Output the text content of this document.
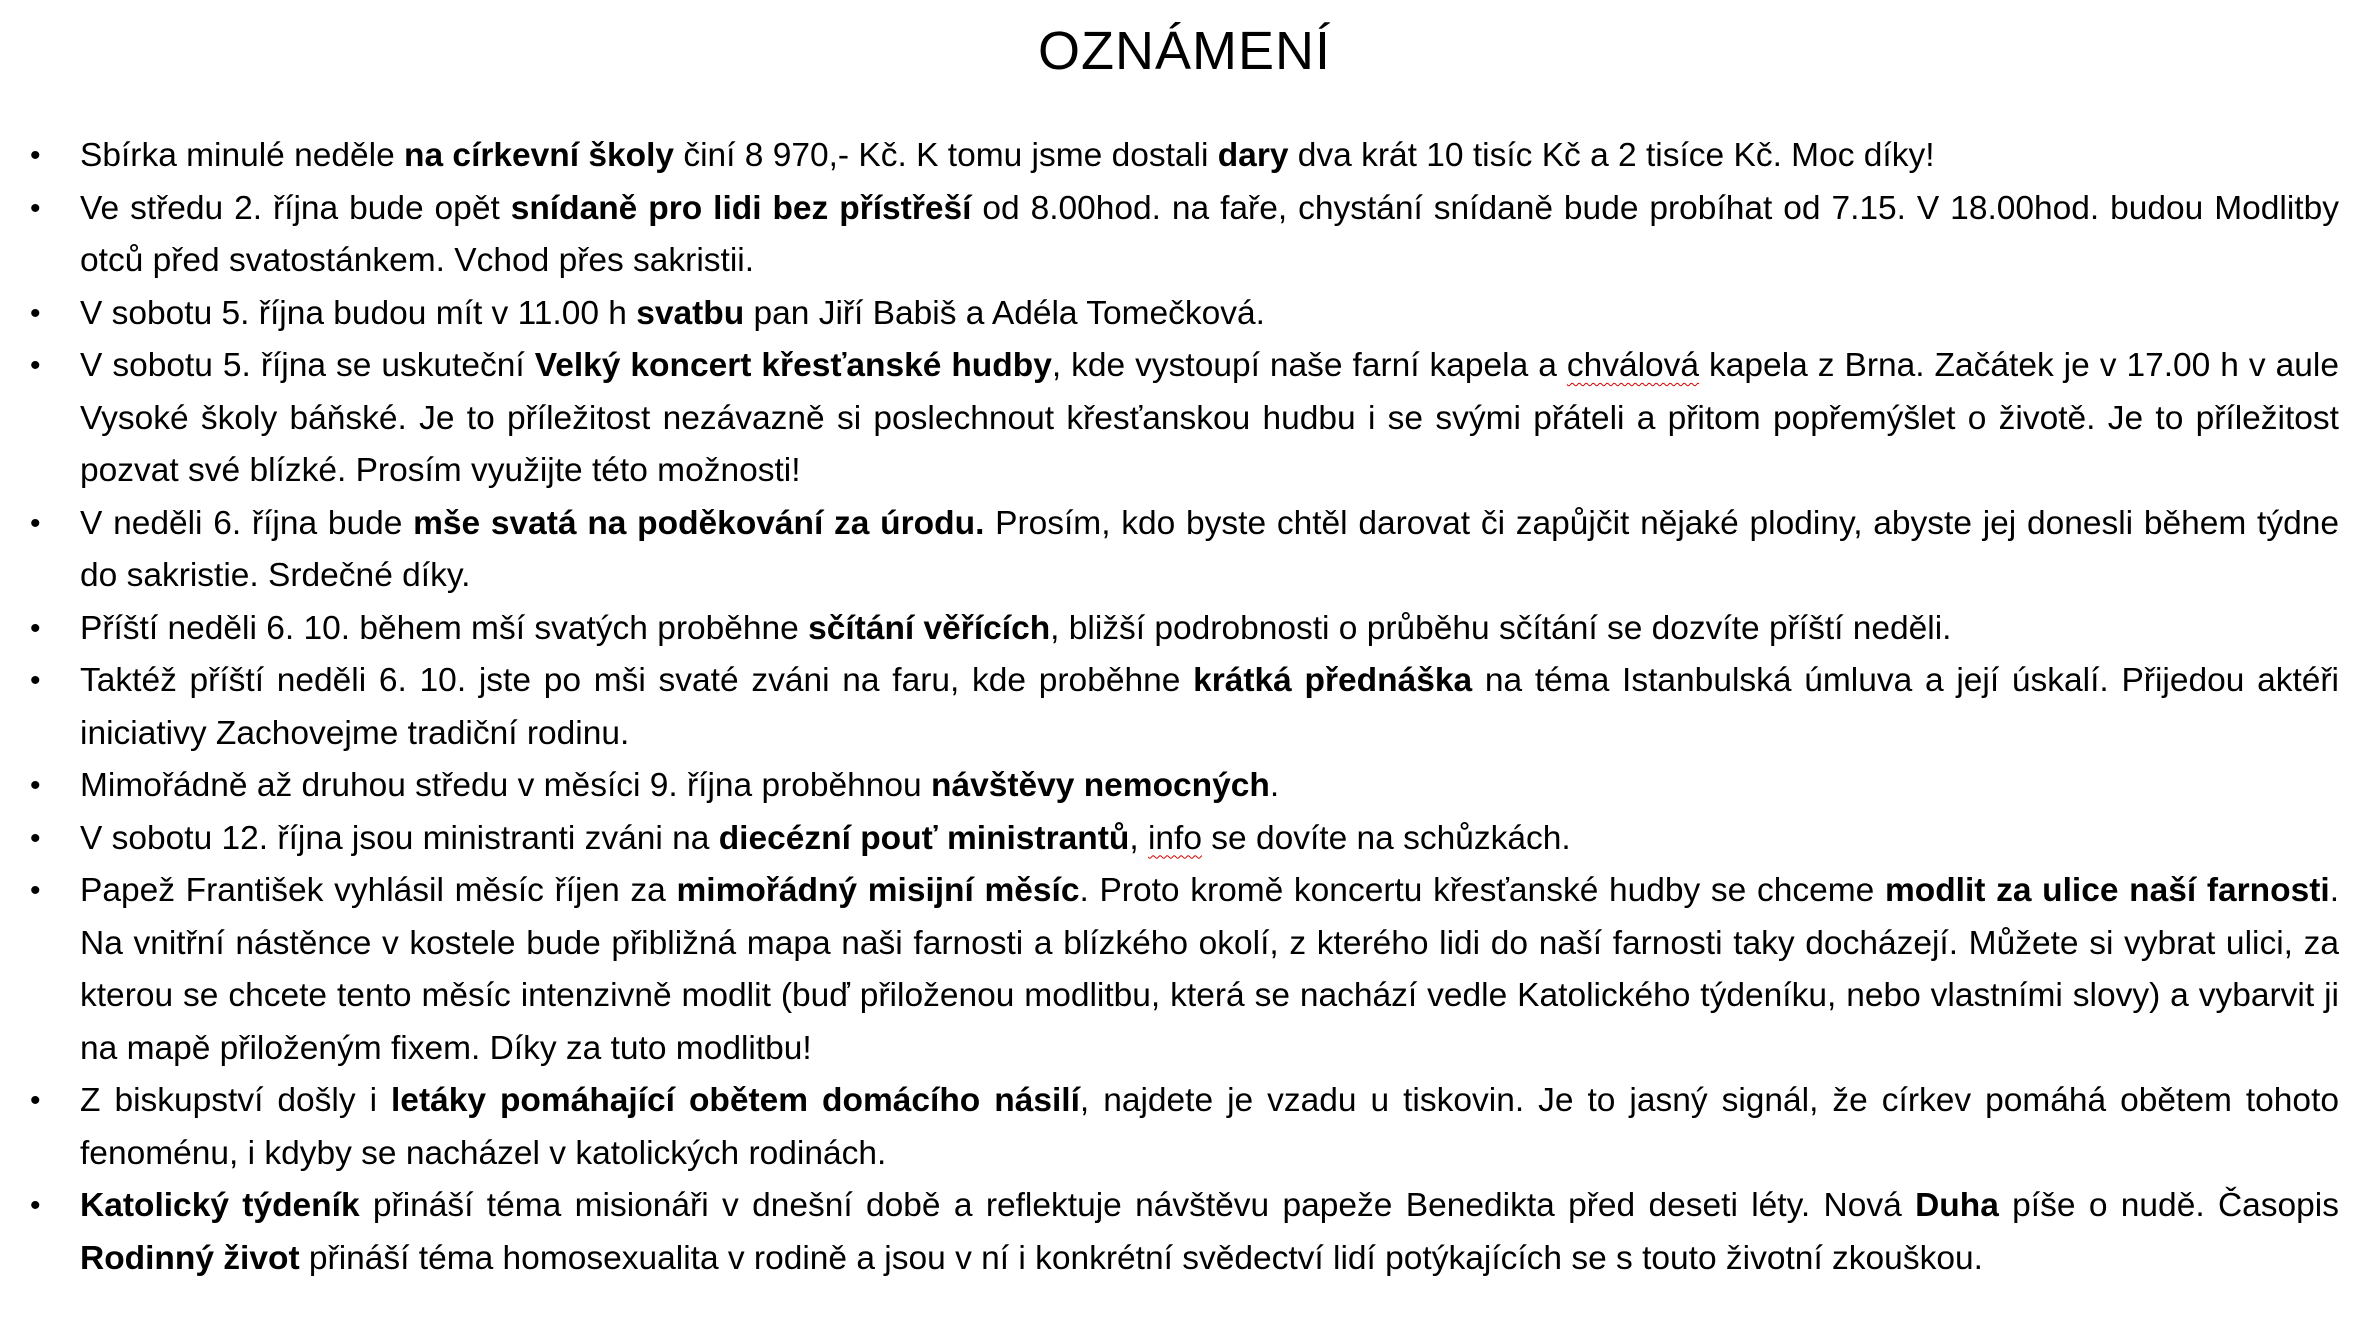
OZNÁMENÍ
•	Sbírka minulé neděle na církevní školy činí 8 970,- Kč. K tomu jsme dostali dary dva krát 10 tisíc Kč a 2 tisíce Kč. Moc díky!
•	Ve středu 2. října bude opět snídaně pro lidi bez přístřeší od 8.00hod. na faře, chystání snídaně bude probíhat od 7.15. V 18.00hod. budou Modlitby otců před svatostánkem. Vchod přes sakristii.
•	V sobotu 5. října budou mít v 11.00 h svatbu pan Jiří Babiš a Adéla Tomečková.
•	V sobotu 5. října se uskuteční Velký koncert křesťanské hudby, kde vystoupí naše farní kapela a chválová kapela z Brna. Začátek je v 17.00 h v aule Vysoké školy báňské. Je to příležitost nezávazně si poslechnout křesťanskou hudbu i se svými přáteli a přitom popřemýšlet o životě. Je to příležitost pozvat své blízké. Prosím využijte této možnosti!
•	V neděli 6. října bude mše svatá na poděkování za úrodu. Prosím, kdo byste chtěl darovat či zapůjčit nějaké plodiny, abyste jej donesli během týdne do sakristie. Srdečné díky.
•	Příští neděli 6. 10. během mší svatých proběhne sčítání věřících, bližší podrobnosti o průběhu sčítání se dozvíte příští neděli.
•	Taktéž příští neděli 6. 10. jste po mši svaté zváni na faru, kde proběhne krátká přednáška na téma Istanbulská úmluva a její úskalí. Přijedou aktéři iniciativy Zachovejme tradiční rodinu.
•	Mimořádně až druhou středu v měsíci 9. října proběhnou návštěvy nemocných.
•	V sobotu 12. října jsou ministranti zváni na diecézní pouť ministrantů, info se dovíte na schůzkách.
•	Papež František vyhlásil měsíc říjen za mimořádný misijní měsíc. Proto kromě koncertu křesťanské hudby se chceme modlit za ulice naší farnosti. Na vnitřní nástěnce v kostele bude přibližná mapa naši farnosti a blízkého okolí, z kterého lidi do naší farnosti taky docházejí. Můžete si vybrat ulici, za kterou se chcete tento měsíc intenzivně modlit (buď přiloženou modlitbu, která se nachází vedle Katolického týdeníku, nebo vlastními slovy) a vybarvit ji na mapě přiloženým fixem. Díky za tuto modlitbu!
•	Z biskupství došly i letáky pomáhající obětem domácího násilí, najdete je vzadu u tiskovin. Je to jasný signál, že církev pomáhá obětem tohoto fenoménu, i kdyby se nacházel v katolických rodinách.
•	Katolický týdeník přináší téma misionáři v dnešní době a reflektuje návštěvu papeže Benedikta před deseti léty. Nová Duha píše o nudě. Časopis Rodinný život přináší téma homosexualita v rodině a jsou v ní i konkrétní svědectví lidí potýkajících se s touto životní zkouškou.
